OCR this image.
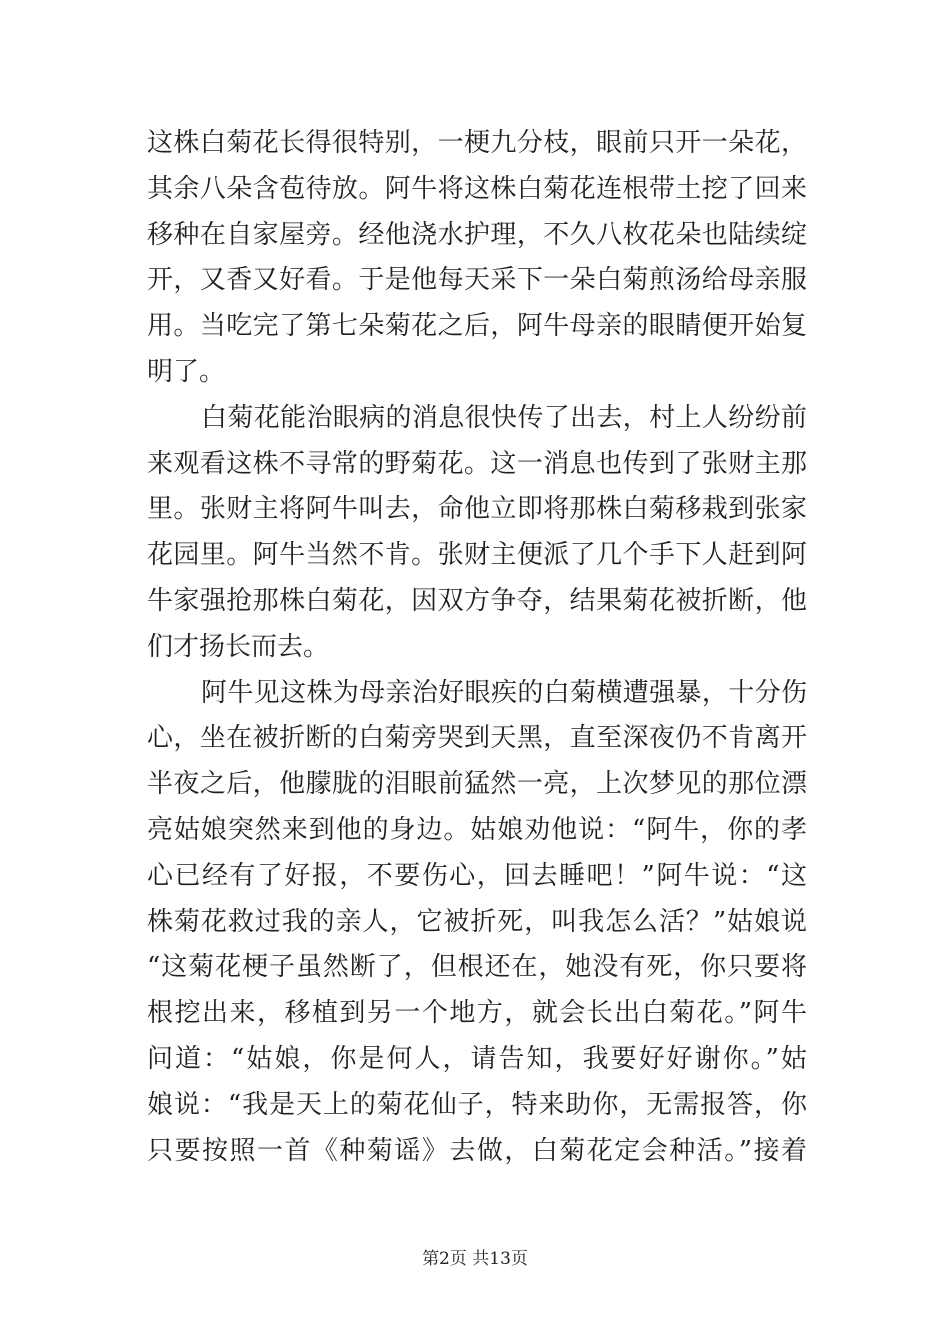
这株白菊花长得很特别，一梗九分枝，眼前只开一朵花，
其余八朵含苞待放。阿牛将这株白菊花连根带土挖了回来
移种在自家屋旁。经他浇水护理，不久八枚花朵也陆续绽
开，又香又好看。于是他每天采下一朵白菊煎汤给母亲服
用。当吃完了第七朵菊花之后，阿牛母亲的眼睛便开始复
明了。
白菊花能治眼病的消息很快传了出去，村上人纷纷前
来观看这株不寻常的野菊花。这一消息也传到了张财主那
里。张财主将阿牛叫去，命他立即将那株白菊移栽到张家
花园里。阿牛当然不肯。张财主便派了几个手下人赶到阿
牛家强抢那株白菊花，因双方争夺，结果菊花被折断，他
们才扬长而去。
阿牛见这株为母亲治好眼疾的白菊横遭强暴，十分伤
心，坐在被折断的白菊旁哭到天黑，直至深夜仍不肯离开
半夜之后，他朦胧的泪眼前猛然一亮，上次梦见的那位漂
亮姑娘突然来到他的身边。姑娘劝他说：“阿牛，你的孝
心已经有了好报，不要伤心，回去睡吧！”阿牛说：“这
株菊花救过我的亲人，它被折死，叫我怎么活？”姑娘说
“这菊花梗子虽然断了，但根还在，她没有死，你只要将
根挖出来，移植到另一个地方，就会长出白菊花。”阿牛
问道：“姑娘，你是何人，请告知，我要好好谢你。”姑
娘说：“我是天上的菊花仙子，特来助你，无需报答，你
只要按照一首《种菊谣》去做，白菊花定会种活。”接着
第2页 共13页
